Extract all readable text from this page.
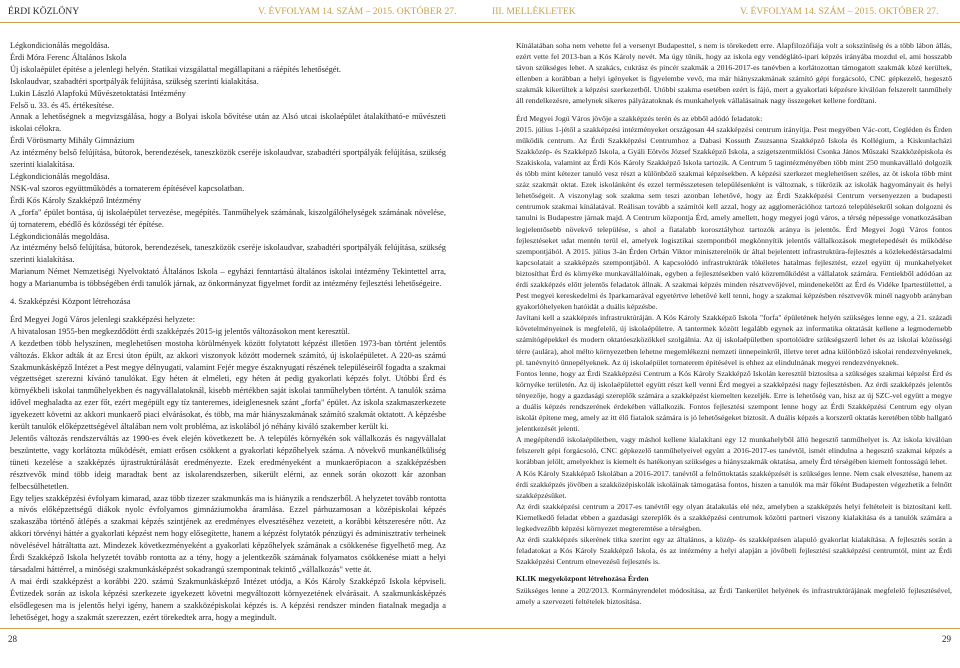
ÉRDI KÖZLÖNY	V. ÉVFOLYAM 14. SZÁM – 2015. OKTÓBER 27.	III. MELLÉKLETEK	V. ÉVFOLYAM 14. SZÁM – 2015. OKTÓBER 27.

Légkondicionálás megoldása.

Érdi Móra Ferenc Általános Iskola

Új iskolaépület építése a jelenlegi helyén. Statikai vizsgálattal megállapítani a ráépítés lehetőségét.

Iskolaudvar, szabadtéri sportpályák felújítása, szükség szerinti kialakítása.

Lukin László Alapfokú Művészetoktatási Intézmény

Felső u. 33. és 45. értékesítése.

Annak a lehetőségnek a megvizsgálása, hogy a Bolyai iskola bővítése után az Alsó utcai iskolaépület átalakítható-e művészeti iskolai célokra.

Érdi Vörösmarty Mihály Gimnázium

Az intézmény belső felújítása, bútorok, berendezések, taneszközök cseréje iskolaudvar, szabadtéri sportpályák felújítása, szükség szerinti kialakítása.

Légkondicionálás megoldása.

NSK-val szoros együttműködés a tornaterem építésével kapcsolatban.

Érdi Kós Károly Szakképző Intézmény

A „forfa" épület bontása, új iskolaépület tervezése, megépítés. Tanműhelyek számának, kiszolgálóhelységek számának növelése, új tornaterem, ebédlő és közösségi tér építése.

Légkondicionálás megoldása.

Az intézmény belső felújítása, bútorok, berendezések, taneszközök cseréje iskolaudvar, szabadtéri sportpályák felújítása, szükség szerinti kialakítása.

Marianum Német Nemzetiségi Nyelvoktató Általános Iskola – egyházi fenntartású általános iskolai intézmény Tekintettel arra, hogy a Marianumba is többségében érdi tanulók járnak, az önkormányzat figyelmet fordít az intézmény fejlesztési lehetőségeire.

4. Szakképzési Központ létrehozása

Érd Megyei Jogú Város jelenlegi szakképzési helyzete:

A hivatalosan 1955-ben megkezdődött érdi szakképzés 2015-ig jelentős változásokon ment keresztül.

A kezdetben több helyszínen, meglehetősen mostoha körülmények között folytatott képzést illetően 1973-ban történt jelentős változás. Ekkor adták át az Ercsi úton épült, az akkori viszonyok között modernek számító, új iskolaépületet. A 220-as számú Szakmunkásképző Intézet a Pest megye délnyugati, valamint Fejér megye északnyugati részének településeiről fogadta a szakmai végzettséget szerezni kívánó tanulókat. Egy héten át elméleti, egy héten át pedig gyakorlati képzés folyt. Utóbbi Érd és környékbeli iskolai tanműhelyekben és nagyvállalatoknál, kisebb mértékben saját iskolai tanműhelyben történt. A tanulók száma idővel meghaladta az ezer főt, ezért megépült egy tíz tanteremes, ideiglenesnek szánt „forfa" épület. Az iskola szakmaszerkezete igyekezett követni az akkori munkaerő piaci elvárásokat, és több, ma már hiányszakmának számító szakmát oktatott. A képzésbe került tanulók előképzettségével általában nem volt probléma, az iskolából jó néhány kiváló szakember került ki.

Jelentős változás rendszerváltás az 1990-es évek elején következett be. A település környékén sok vállalkozás és nagyvállalat beszüntette, vagy korlátozta működését, emiatt erősen csökkent a gyakorlati képzőhelyek száma. A növekvő munkanélküliség tüneti kezelése a szakképzés újrastruktúrálását eredményezte. Ezek eredményeként a munkaerőpiacon a szakképzésben résztvevők mind több ideig maradtak bent az iskolarendszerben, sikerült elérni, az ennek során okozott kár azonban felbecsülhetetlen.

Egy teljes szakképzési évfolyam kimarad, azaz több tizezer szakmunkás ma is hiányzik a rendszerből. A helyzetet tovább rontotta a nívós előképzettségű diákok nyolc évfolyamos gimnáziumokba áramlása. Ezzel párhuzamosan a középiskolai képzés szakaszába történő átlépés a szakmai képzés szintjének az eredményes elvesztéséhez vezetett, a korábbi kétszeresére nőtt. Az akkori törvényi háttér a gyakorlati képzést nem hogy elősegítette, hanem a képzést folytatók pénzügyi és adminisztratív terheinek növelésével hátráltatta azt. Mindezek következményeként a gyakorlati képzőhelyek számának a csökkenése figyelhető meg. Az Érdi Szakképző Iskola helyzetét tovább rontotta az a tény, hogy a jelentkezők számának folyamatos csökkenése miatt a helyi társadalmi háttérrel, a minőségi szakmunkásképzést sokadrangú szempontnak tekintő „vállalkozás" vette át.

A mai érdi szakképzést a korábbi 220. számú Szakmunkásképző Intézet utódja, a Kós Károly Szakképző Iskola képviseli. Évtizedek során az iskola képzési szerkezete igyekezett követni megváltozott környezetének elvárásait. A szakmunkásképzés elsődlegesen ma is jelentős helyi igény, hanem a szakközépiskolai képzés is. A képzési rendszer minden fiatalnak megadja a lehetőséget, hogy a szakmát szerezzen, ezért törekedtek arra, hogy a megindult.

Kínálatában soha nem vehette fel a versenyt Budapesttel, s nem is törekedett erre. Alapfilozófiája volt a sokszínűség és a több lábon állás, ezért vette fel 2013-ban a Kós Károly nevét. Ma úgy tűnik, hogy az iskola egy vendéglátó-ipari képzés irányába mozdul el, ami hosszabb távon szükséges lehet. A szakács, cukrász és pincér szakmák a 2016-2017-es tanévben a korlátozottan támogatott szakmák közé kerültek, ellenben a korábban a helyi igényeket is figyelembe vevő, ma már hiányszakmának számító gépi forgácsoló, CNC gépkezelő, hegesztő szakmák kikerültek a képzési szerkezetből. Utóbbi szakma esetében ezért is fájó, mert a gyakorlati képzésre kiválóan felszerelt tanműhely áll rendelkezésre, amelynek sikeres pályázatoknak és munkahelyek vállalásainak nagy összegeket kellene fordítani.

Érd Megyei Jogú Város jövője a szakképzés terén és az ebből adódó feladatok:

2015. július 1-jétől a szakképzési intézményeket országosan 44 szakképzési centrum irányítja. Pest megyében Vác-cott, Cegléden és Érden működik centrum. Az Érdi Szakképzési Centrumhoz a Dabasi Kossuth Zsuzsanna Szakképző Iskola és Kollégium, a Kiskunlacházi Szakközép- és Szakképző Iskola, a Gyáli Eötvös József Szakképző Iskola, a szigetszentmiklósi Csonka János Műszaki Szakközépiskola és Szakiskola, valamint az Érdi Kós Károly Szakképző Iskola tartozik. A Centrum 5 tagintézményében több mint 250 munkavállaló dolgozik és több mint kétezer tanuló vesz részt a különböző szakmai képzésekben. A képzési szerkezet meglehetősen széles, az öt iskola több mint száz szakmát oktat. Ezek iskolánként és ezzel termésszetesen településenként is változnak, s tükrözik az iskolák hagyományait és helyi lehetőségeit. A viszonylag sok szakma sem teszi azonban lehetővé, hogy az Érdi Szakképzési Centrum versenyezzen a budapesti centrumok szakmai kínálatával. Reálisan tovább a számítói kell azzal, hogy az agglomerációhoz tartozó településekről sokan dolgozni és tanulni is Budapestre járnak majd. A Centrum központja Érd, amely amellett, hogy megyei jogú város, a térség népessége vonatkozásában legjelentősebb növekvő települése, s ahol a fiatalabb korosztályhoz tartozók aránya is jelentős. Érd Megyei Jogú Város fontos fejlesztéseket udat mentén terül el, amelyek logisztikai szempontból megkönnyítik jelentős vállalkozások megtelepedését és működése szempontjából. A 2015. július 3-án Érden Orbán Viktor miniszterelnök úr által bejelentett infrastruktúra-fejlesztés a közlekedéstársadalmi kapcsolatait a szakképzés szempontjából. A kapcsolódó infrastruktúrák tökéletes hatalmas fejlesztést, ezzel együtt új munkahelyeket biztosíthat Érd és környéke munkavállalóinak, egyben a fejlesztésekben való közreműködést a vállalatok számára. Fentiekből adódóan az érdi szakképzés előtt jelentős feladatok állnak. A szakmai képzés minden résztvevőjével, mindenekelőtt az Érd és Vidéke Ipartestülettel, a Pest megyei kereskedelmi és Iparkamarával egyetértve lehetővé kell tenni, hogy a szakmai képzésben résztvevők minél nagyobb arányban gyakorlóhelyeken hatóidát a duális képzésbe.

Javítani kell a szakképzés infrastruktúráján. A Kós Károly Szakképző Iskola "forfa" épületének helyén szükséges lenne egy, a 21. századi követelményeinek is megfelelő, új iskolaépületre. A tantermek között legalább egynek az informatika oktatását kellene a legmodernebb számítógépekkel és modern oktatóeszközökkel szolgálnia. Az új iskolaépületben sportolóidre szükségszerű lehet és az iskolai közösségi térre (aulára), ahol mélto környezetben lehetne megemlékezni nemzeti ünnepeinkről, illetve teret adna különböző iskolai rendezvényeknek, pl. tanévnyitó ünnepélyeknek. Az új iskolaépület tornaterem építésével is ehhez az elindulnának megyei rendezvényeknek.

Fontos lenne, hogy az Érdi Szakképzési Centrum a Kós Károly Szakképző Iskolán keresztül biztosítsa a szükséges szakmai képzést Érd és környéke területén. Az új iskolaépülettel együtt részt kell venni Érd megyei a szakképzési nagy fejlesztésben. Az érdi szakképzés jelentős tényezője, hogy a gazdasági szereplők számára a szakképzést kiemelten kezeljék. Erre is lehetőség van, hisz az új SZC-vel együtt a megye a duális képzés rendszerének érdekében vállalkozik. Fontos fejlesztési szempont lenne hogy az Érdi Szakképzési Centrum egy olyan iskolát építene meg, amely az itt élő fiatalok számára is jó lehetőségeket biztosít. A duális képzés a korszerű oktatás keretében több hallgató jelentkezését jelenti.

A megépítendő iskolaépületben, vagy máshol kellene kialakítani egy 12 munkahelyből álló hegesztő tanműhelyet is. Az iskola kiválóan felszerelt gépi forgácsoló, CNC gépkezelő tanműhelyeivel együtt a 2016-2017-es tanévtől, ismét elindulna a hegesztő szakmai képzés a korábban jelölt, amelyekhez is kiemelt és hatékonyan szükséges a hiányszakmák oktatása, amely Érd térségében kiemelt fontosságú lehet.

A Kós Károly Szakképző Iskolában a 2016-2017. tanévtől a felnőttoktatás szakképzését is szükséges lenne. Nem csak elvesztése, hanem az érdi szakképzés jövőben a szakközépiskolák iskoláinak támogatása fontos, hiszen a tanulók ma már főként Budapesten végezhetik a felnőtt szakképzésüket.

Az érdi szakképzési centrum a 2017-es tanévtől egy olyan átalakulás elé néz, amelyben a szakképzés helyi feltételeit is biztosítani kell. Kiemelkedő feladat ebben a gazdasági szereplők és a szakképzési centrumok közötti partneri viszony kialakítása és a tanulók számára a legkedvezőbb képzési környezet megteremtése a térségben.

Az érdi szakképzés sikerének titka szerint egy az általános, a közép- és szakképzésen alapuló gyakorlat kialakítása. A fejlesztés során a feladatokat a Kós Károly Szakképző Iskola, és az intézmény a helyi alapján a jövőbeli fejlesztési szakképzési centrumtól, mint az Érdi Szakképzési Centrum elnevezésű fejlesztés is.

KLIK megyeközpont létrehozása Érden

Szükséges lenne a 202/2013. Kormányrendelet módosítása, az Érdi Tankerület helyének és infrastruktúrájának megfelelő fejlesztésével, amely a szervezeti feltételek biztosítása.

28	29
